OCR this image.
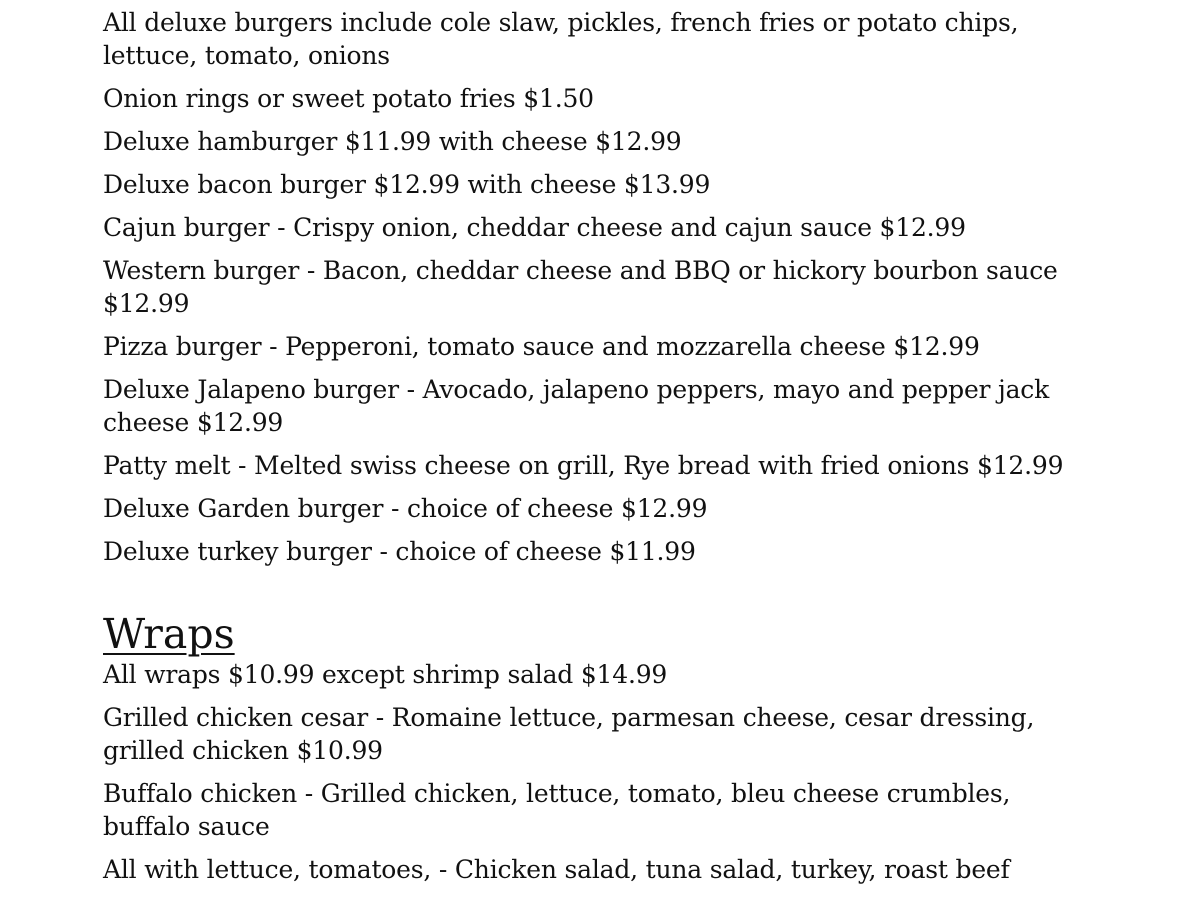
All deluxe burgers include cole slaw, pickles, french fries or potato chips, lettuce, tomato, onions
Onion rings or sweet potato fries $1.50
Deluxe hamburger $11.99 with cheese $12.99
Deluxe bacon burger $12.99 with cheese $13.99
Cajun burger - Crispy onion, cheddar cheese and cajun sauce $12.99
Western burger - Bacon, cheddar cheese and BBQ or hickory bourbon sauce $12.99
Pizza burger - Pepperoni, tomato sauce and mozzarella cheese $12.99
Deluxe Jalapeno burger - Avocado, jalapeno peppers, mayo and pepper jack cheese $12.99
Patty melt - Melted swiss cheese on grill, Rye bread with fried onions $12.99
Deluxe Garden burger - choice of cheese $12.99
Deluxe turkey burger - choice of cheese $11.99
Wraps
All wraps $10.99 except shrimp salad $14.99
Grilled chicken cesar - Romaine lettuce, parmesan cheese, cesar dressing, grilled chicken $10.99
Buffalo chicken - Grilled chicken, lettuce, tomato, bleu cheese crumbles, buffalo sauce
All with lettuce, tomatoes, - Chicken salad, tuna salad, turkey, roast beef
